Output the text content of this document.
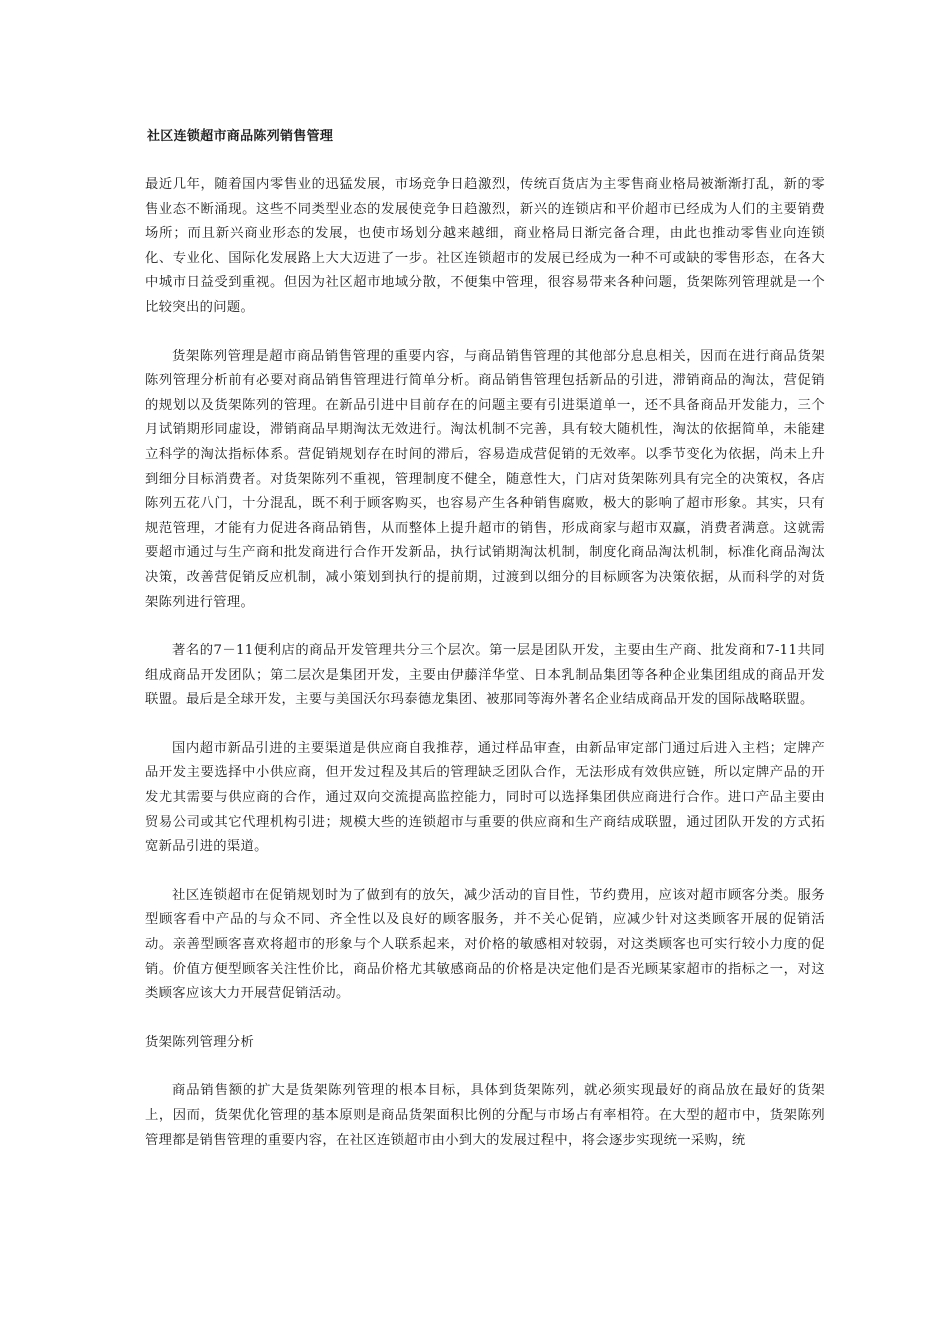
社区连锁超市商品陈列销售管理

最近几年，随着国内零售业的迅猛发展，市场竞争日趋激烈，传统百货店为主零售商业格局被渐渐打乱，新的零售业态不断涌现。这些不同类型业态的发展使竞争日趋激烈，新兴的连锁店和平价超市已经成为人们的主要销费场所；而且新兴商业形态的发展，也使市场划分越来越细，商业格局日渐完备合理，由此也推动零售业向连锁化、专业化、国际化发展路上大大迈进了一步。社区连锁超市的发展已经成为一种不可或缺的零售形态，在各大中城市日益受到重视。但因为社区超市地域分散，不便集中管理，很容易带来各种问题，货架陈列管理就是一个比较突出的问题。

货架陈列管理是超市商品销售管理的重要内容，与商品销售管理的其他部分息息相关，因而在进行商品货架陈列管理分析前有必要对商品销售管理进行简单分析。商品销售管理包括新品的引进，滞销商品的淘汰，营促销的规划以及货架陈列的管理。在新品引进中目前存在的问题主要有引进渠道单一，还不具备商品开发能力，三个月试销期形同虚设，滞销商品早期淘汰无效进行。淘汰机制不完善，具有较大随机性，淘汰的依据简单，未能建立科学的淘汰指标体系。营促销规划存在时间的滞后，容易造成营促销的无效率。以季节变化为依据，尚未上升到细分目标消费者。对货架陈列不重视，管理制度不健全，随意性大，门店对货架陈列具有完全的决策权，各店陈列五花八门，十分混乱，既不利于顾客购买，也容易产生各种销售腐败，极大的影响了超市形象。其实，只有规范管理，才能有力促进各商品销售，从而整体上提升超市的销售，形成商家与超市双赢，消费者满意。这就需要超市通过与生产商和批发商进行合作开发新品，执行试销期淘汰机制，制度化商品淘汰机制，标准化商品淘汰决策，改善营促销反应机制，减小策划到执行的提前期，过渡到以细分的目标顾客为决策依据，从而科学的对货架陈列进行管理。

著名的7－11便利店的商品开发管理共分三个层次。第一层是团队开发，主要由生产商、批发商和7-11共同组成商品开发团队；第二层次是集团开发，主要由伊藤洋华堂、日本乳制品集团等各种企业集团组成的商品开发联盟。最后是全球开发，主要与美国沃尔玛泰德龙集团、被那同等海外著名企业结成商品开发的国际战略联盟。

国内超市新品引进的主要渠道是供应商自我推荐，通过样品审查，由新品审定部门通过后进入主档；定牌产品开发主要选择中小供应商，但开发过程及其后的管理缺乏团队合作，无法形成有效供应链，所以定牌产品的开发尤其需要与供应商的合作，通过双向交流提高监控能力，同时可以选择集团供应商进行合作。进口产品主要由贸易公司或其它代理机构引进；规模大些的连锁超市与重要的供应商和生产商结成联盟，通过团队开发的方式拓宽新品引进的渠道。

社区连锁超市在促销规划时为了做到有的放矢，减少活动的盲目性，节约费用，应该对超市顾客分类。服务型顾客看中产品的与众不同、齐全性以及良好的顾客服务，并不关心促销，应减少针对这类顾客开展的促销活动。亲善型顾客喜欢将超市的形象与个人联系起来，对价格的敏感相对较弱，对这类顾客也可实行较小力度的促销。价值方便型顾客关注性价比，商品价格尤其敏感商品的价格是决定他们是否光顾某家超市的指标之一，对这类顾客应该大力开展营促销活动。

货架陈列管理分析

商品销售额的扩大是货架陈列管理的根本目标，具体到货架陈列，就必须实现最好的商品放在最好的货架上，因而，货架优化管理的基本原则是商品货架面积比例的分配与市场占有率相符。在大型的超市中，货架陈列管理都是销售管理的重要内容，在社区连锁超市由小到大的发展过程中，将会逐步实现统一采购，统
